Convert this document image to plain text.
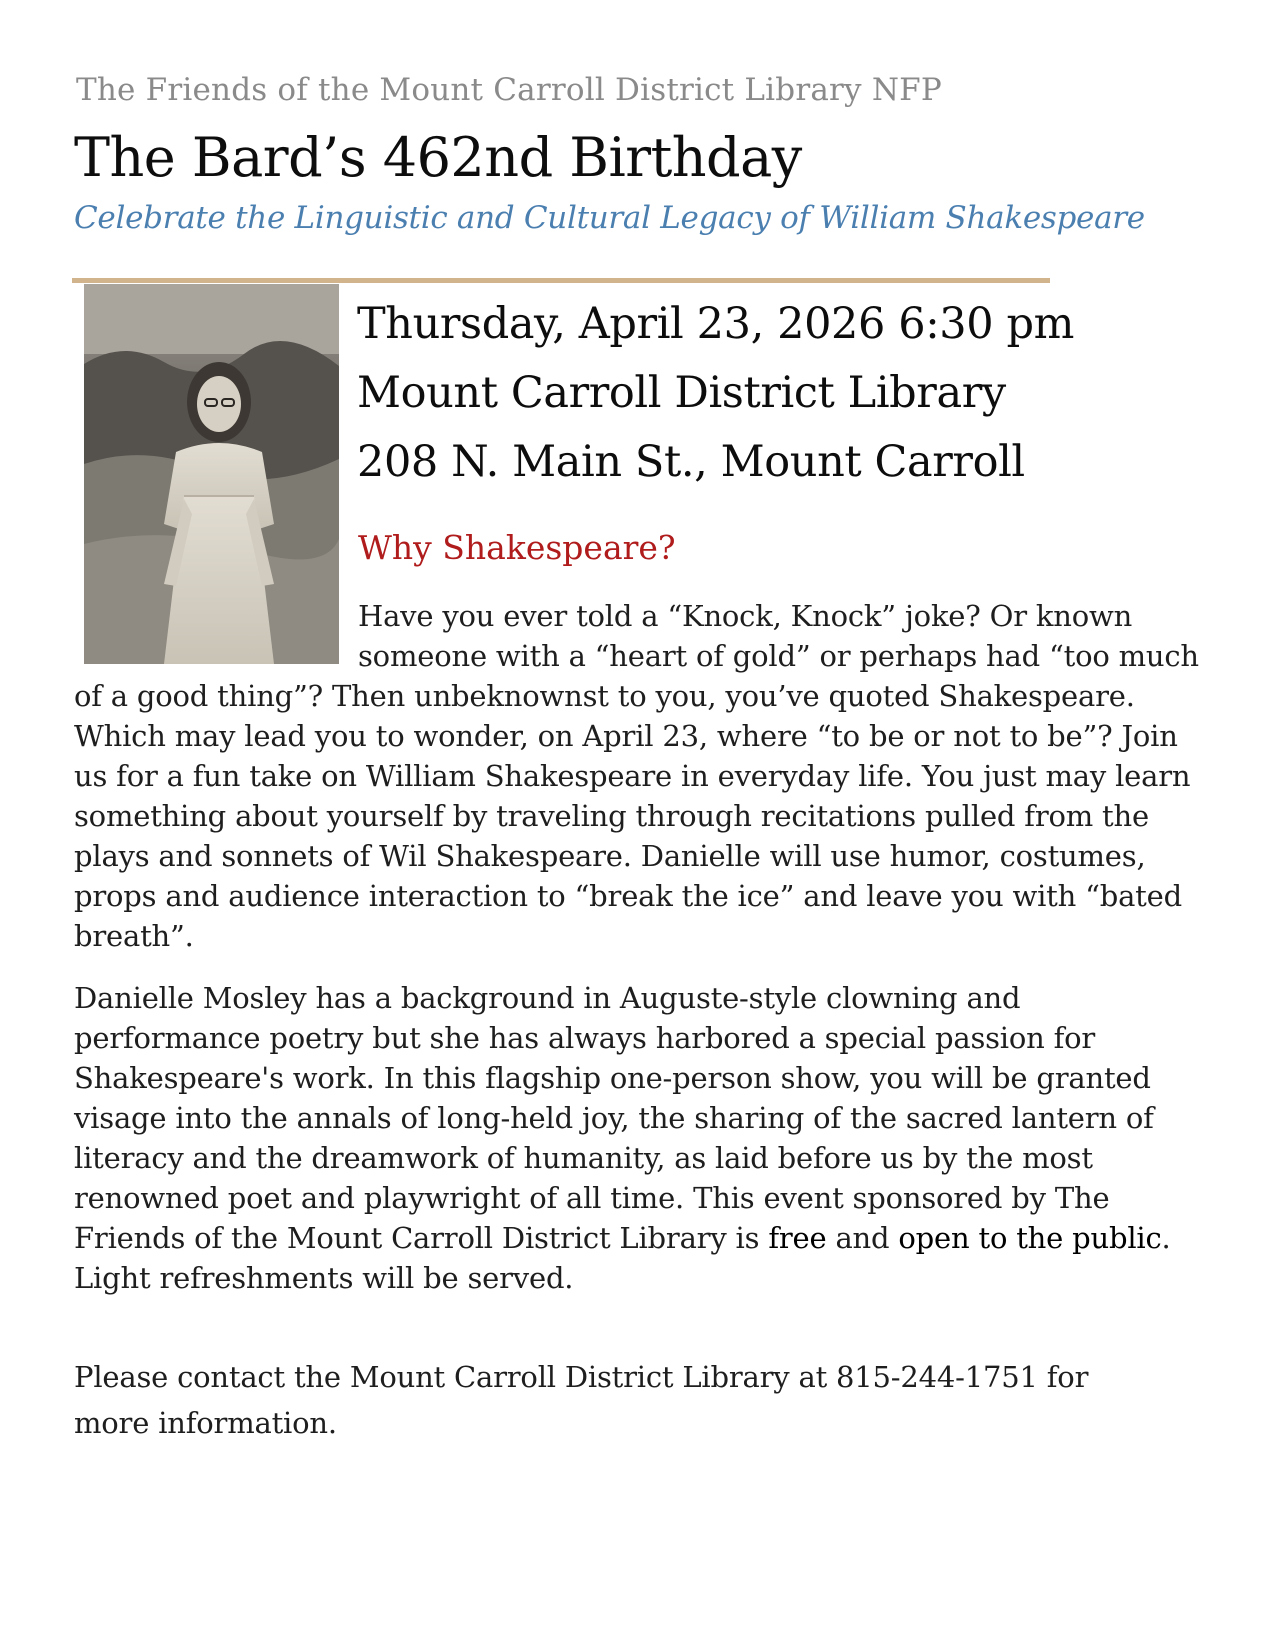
The Friends of the Mount Carroll District Library NFP
The Bard’s 462nd Birthday
Celebrate the Linguistic and Cultural Legacy of William Shakespeare
Thursday, April 23, 2026 6:30 pm
Mount Carroll District Library
208 N. Main St., Mount Carroll
Why Shakespeare?
Have you ever told a “Knock, Knock” joke? Or known
someone with a “heart of gold” or perhaps had “too much
of a good thing”? Then unbeknownst to you, you’ve quoted Shakespeare.
Which may lead you to wonder, on April 23, where “to be or not to be”? Join
us for a fun take on William Shakespeare in everyday life. You just may learn
something about yourself by traveling through recitations pulled from the
plays and sonnets of Wil Shakespeare. Danielle will use humor, costumes,
props and audience interaction to “break the ice” and leave you with “bated
breath”.
Danielle Mosley has a background in Auguste-style clowning and
performance poetry but she has always harbored a special passion for
Shakespeare's work. In this flagship one-person show, you will be granted
visage into the annals of long-held joy, the sharing of the sacred lantern of
literacy and the dreamwork of humanity, as laid before us by the most
renowned poet and playwright of all time. This event sponsored by The
Friends of the Mount Carroll District Library is free and open to the public.
Light refreshments will be served.
Please contact the Mount Carroll District Library at 815-244-1751 for
more information.
